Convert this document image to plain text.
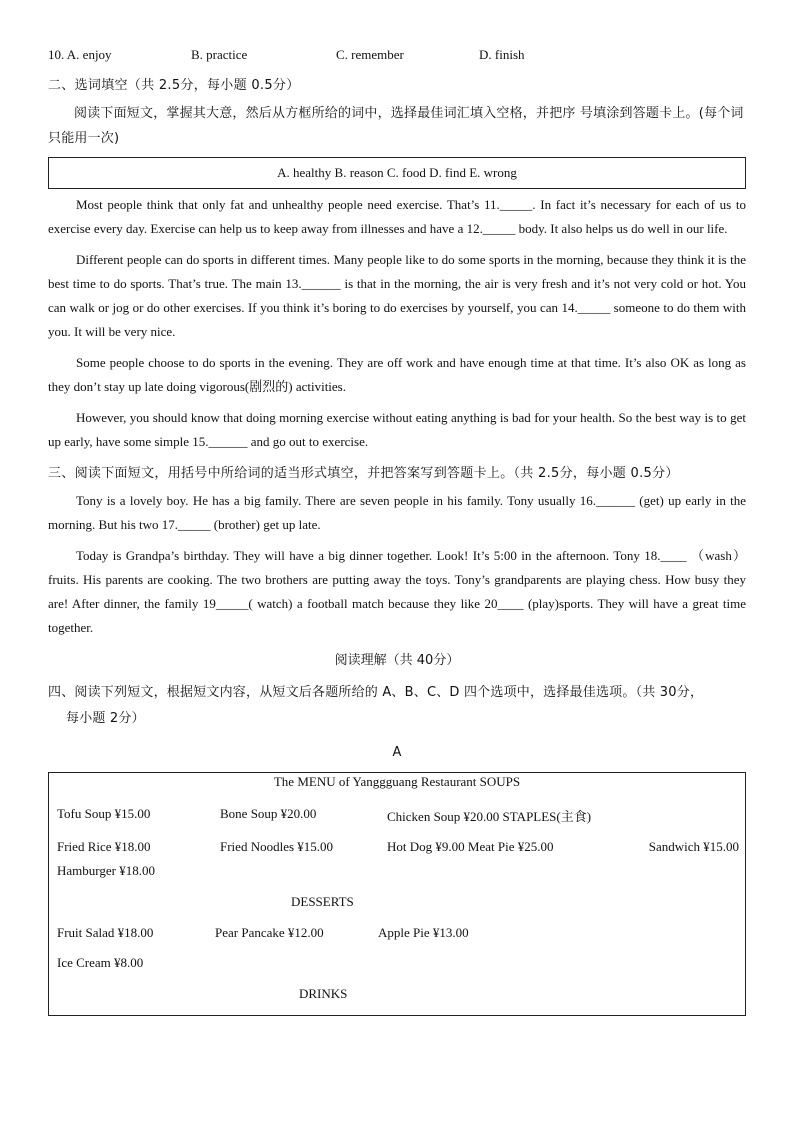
10. A. enjoy	B. practice	C. remember	D. finish
二、选词填空（共 2.5分，每小题 0.5分）
阅读下面短文，掌握其大意，然后从方框所给的词中，选择最佳词汇填入空格，并把序 号填涂到答题卡上。(每个词只能用一次)
A. healthy B. reason C. food D. find E. wrong

Most people think that only fat and unhealthy people need exercise. That’s 11._____. In fact it’s necessary for each of us to exercise every day. Exercise can help us to keep away from illnesses and have a 12._____ body. It also helps us do well in our life.

Different people can do sports in different times. Many people like to do some sports in the morning, because they think it is the best time to do sports. That’s true. The main 13.______ is that in the morning, the air is very fresh and it’s not very cold or hot. You can walk or jog or do other exercises. If you think it’s boring to do exercises by yourself, you can 14._____ someone to do them with you. It will be very nice.

Some people choose to do sports in the evening. They are off work and have enough time at that time. It’s also OK as long as they don’t stay up late doing vigorous(剧烈的) activities.

However, you should know that doing morning exercise without eating anything is bad for your health. So the best way is to get up early, have some simple 15.______ and go out to exercise.

三、阅读下面短文，用括号中所给词的适当形式填空，并把答案写到答题卡上。（共 2.5分，每小题 0.5分）

Tony is a lovely boy. He has a big family. There are seven people in his family. Tony usually 16.______ (get) up early in the morning. But his two 17._____ (brother) get up late.

Today is Grandpa’s birthday. They will have a big dinner together. Look! It’s 5:00 in the afternoon. Tony 18.____ （wash） fruits. His parents are cooking. The two brothers are putting away the toys. Tony’s grandparents are playing chess. How busy they are! After dinner, the family 19_____( watch) a football match because they like 20____ (play)sports. They will have a great time together.

阅读理解（共 40分）
四、阅读下列短文，根据短文内容，从短文后各题所给的 A、B、C、D 四个选项中，选择最佳选项。（共 30分，
每小题 2分）
A
The MENU of Yanggguang Restaurant SOUPS
Tofu Soup ¥15.00	Bone Soup ¥20.00	Chicken Soup ¥20.00 STAPLES(主食)
Fried Rice ¥18.00	Fried Noodles ¥15.00	Hot Dog ¥9.00 Meat Pie ¥25.00	Sandwich ¥15.00
Hamburger ¥18.00
DESSERTS
Fruit Salad ¥18.00	Pear Pancake ¥12.00	Apple Pie ¥13.00
Ice Cream ¥8.00
DRINKS
